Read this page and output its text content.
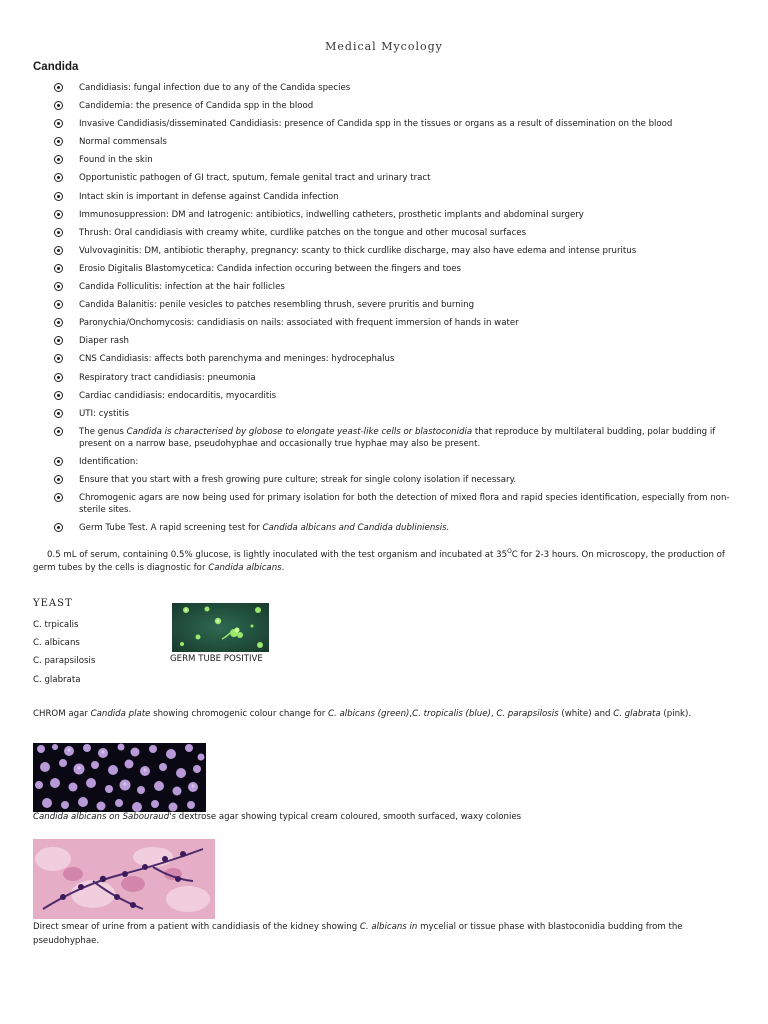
Medical Mycology
Candida
Candidiasis: fungal infection due to any of the Candida species
Candidemia: the presence of Candida spp in the blood
Invasive Candidiasis/disseminated Candidiasis: presence of Candida spp in the tissues or organs as a result of dissemination on the blood
Normal commensals
Found in the skin
Opportunistic pathogen of GI tract, sputum, female genital tract and urinary tract
Intact skin is important in defense against Candida infection
Immunosuppression: DM and Iatrogenic: antibiotics, indwelling catheters, prosthetic implants and abdominal surgery
Thrush: Oral candidiasis with creamy white, curdlike patches on the tongue and other mucosal surfaces
Vulvovaginitis: DM, antibiotic theraphy, pregnancy: scanty to thick curdlike discharge, may also have edema and intense pruritus
Erosio Digitalis Blastomycetica: Candida infection occuring between the fingers and toes
Candida Folliculitis: infection at the hair follicles
Candida Balanitis: penile vesicles to patches resembling thrush, severe pruritis and burning
Paronychia/Onchomycosis: candidiasis on nails: associated with frequent immersion of hands in water
Diaper rash
CNS Candidiasis: affects both parenchyma and meninges: hydrocephalus
Respiratory tract candidiasis: pneumonia
Cardiac candidiasis: endocarditis, myocarditis
UTI: cystitis
The genus Candida is characterised by globose to elongate yeast-like cells or blastoconidia that reproduce by multilateral budding, polar budding if present on a narrow base, pseudohyphae and occasionally true hyphae may also be present.
Identification:
Ensure that you start with a fresh growing pure culture; streak for single colony isolation if necessary.
Chromogenic agars are now being used for primary isolation for both the detection of mixed flora and rapid species identification, especially from non-sterile sites.
Germ Tube Test. A rapid screening test for Candida albicans and Candida dubliniensis.
0.5 mL of serum, containing 0.5% glucose, is lightly inoculated with the test organism and incubated at $35^OC$ for 2-3 hours. On microscopy, the production of germ tubes by the cells is diagnostic for Candida albicans.
YEAST
C. trpicalis
C. albicans
C. parapsilosis
C. glabrata
GERM TUBE POSITIVE
CHROM agar Candida plate showing chromogenic colour change for C. albicans (green),C. tropicalis (blue), C. parapsilosis (white) and C. glabrata (pink).
Candida albicans on Sabouraud's dextrose agar showing typical cream coloured, smooth surfaced, waxy colonies
Direct smear of urine from a patient with candidiasis of the kidney showing C. albicans in mycelial or tissue phase with blastoconidia budding from the pseudohyphae.
